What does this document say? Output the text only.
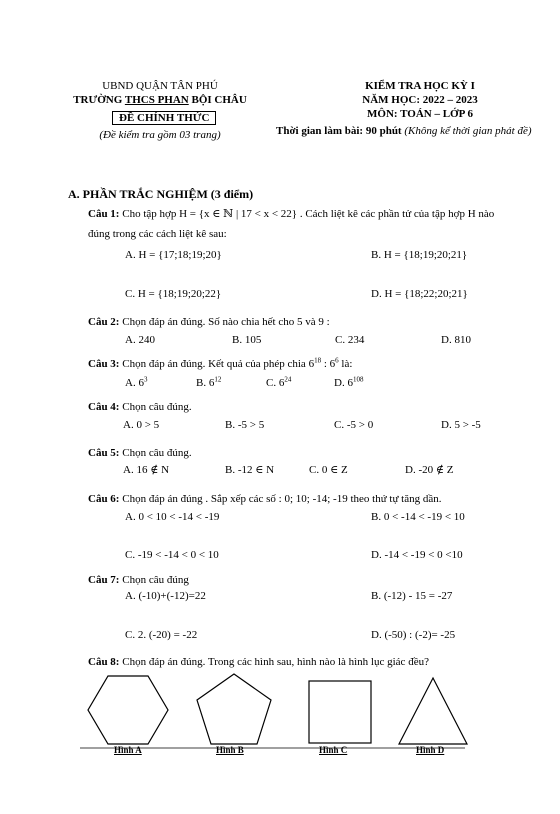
UBND QUẬN TÂN PHÚ
TRƯỜNG THCS PHAN BỘI CHÂU
ĐỀ CHÍNH THỨC
(Đề kiểm tra gồm 03 trang)
KIỂM TRA HỌC KỲ I
NĂM HỌC: 2022 – 2023
MÔN: TOÁN – LỚP 6
Thời gian làm bài: 90 phút (Không kể thời gian phát đề)
A. PHẦN TRẮC NGHIỆM (3 điểm)
Câu 1: Cho tập hợp H = {x ∈ ℕ | 17 < x < 22} . Cách liệt kê các phần tử của tập hợp H nào
đúng trong các cách liệt kê sau:
A. H = {17;18;19;20}	B. H = {18;19;20;21}
C. H = {18;19;20;22}	D. H = {18;22;20;21}
Câu 2: Chọn đáp án đúng. Số nào chia hết cho 5 và 9 :
A. 240	B. 105	C. 234	D. 810
Câu 3: Chọn đáp án đúng. Kết quả của phép chia $6^{18}$ : $6^6$ là:
A. $6^3$	B. $6^{12}$	C. $6^{24}$	D. $6^{108}$
Câu 4: Chọn câu đúng.
A. 0 > 5	B. -5 > 5	C. -5 > 0	D. 5 > -5
Câu 5: Chọn câu đúng.
A. 16 ∉ N	B. -12 ∈ N	C. 0 ∈ Z	D. -20 ∉ Z
Câu 6: Chọn đáp án đúng . Sắp xếp các số : 0; 10; -14; -19 theo thứ tự tăng dần.
A. 0 < 10 < -14 < -19	B. 0 < -14 < -19 < 10
C. -19 < -14 < 0 < 10	D. -14 < -19 < 0 <10
Câu 7: Chọn câu đúng
A. (-10)+(-12)=22	B. (-12) - 15 = -27
C. 2. (-20) = -22	D. (-50) : (-2)= -25
Câu 8: Chọn đáp án đúng. Trong các hình sau, hình nào là hình lục giác đều?
Hình A	Hình B	Hình C	Hình D
